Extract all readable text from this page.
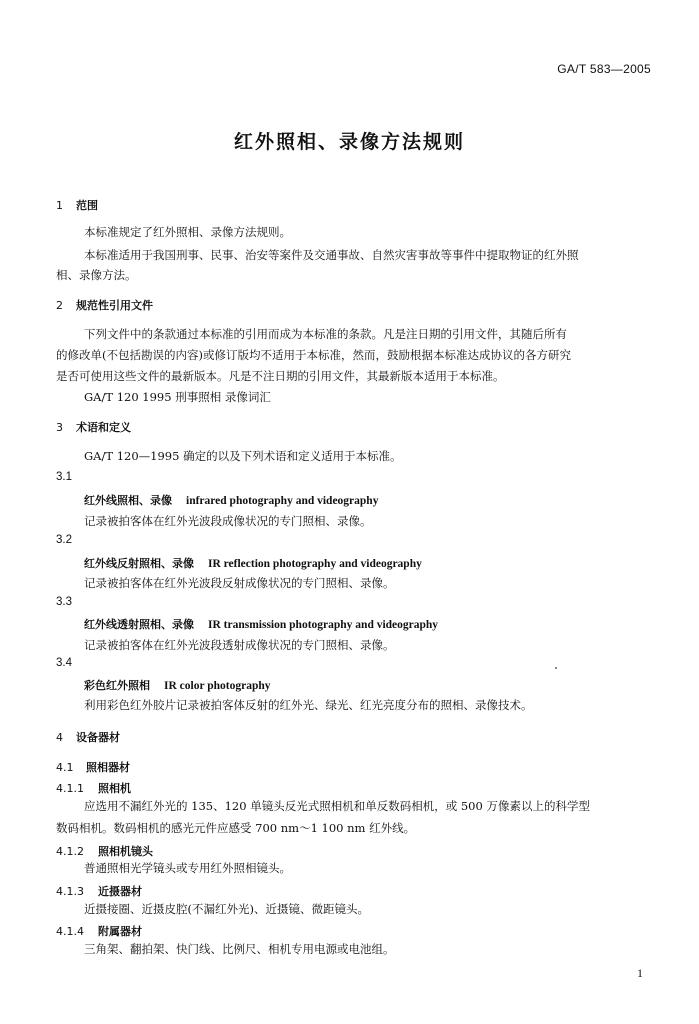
GA/T 583—2005
红外照相、录像方法规则
1 范围
本标准规定了红外照相、录像方法规则。
本标准适用于我国刑事、民事、治安等案件及交通事故、自然灾害事故等事件中提取物证的红外照
相、录像方法。
2 规范性引用文件
下列文件中的条款通过本标准的引用而成为本标准的条款。凡是注日期的引用文件，其随后所有
的修改单(不包括勘误的内容)或修订版均不适用于本标准，然而，鼓励根据本标准达成协议的各方研究
是否可使用这些文件的最新版本。凡是不注日期的引用文件，其最新版本适用于本标准。
GA/T 120 1995 刑事照相 录像词汇
3 术语和定义
GA/T 120—1995 确定的以及下列术语和定义适用于本标准。
3.1
红外线照相、录像 infrared photography and videography
记录被拍客体在红外光波段成像状况的专门照相、录像。
3.2
红外线反射照相、录像 IR reflection photography and videography
记录被拍客体在红外光波段反射成像状况的专门照相、录像。
3.3
红外线透射照相、录像 IR transmission photography and videography
记录被拍客体在红外光波段透射成像状况的专门照相、录像。
3.4
彩色红外照相 IR color photography
利用彩色红外胶片记录被拍客体反射的红外光、绿光、红光亮度分布的照相、录像技术。
4 设备器材
4.1 照相器材
4.1.1 照相机
应选用不漏红外光的 135、120 单镜头反光式照相机和单反数码相机，或 500 万像素以上的科学型
数码相机。数码相机的感光元件应感受 700 nm～1 100 nm 红外线。
4.1.2 照相机镜头
普通照相光学镜头或专用红外照相镜头。
4.1.3 近摄器材
近摄接圈、近摄皮腔(不漏红外光)、近摄镜、微距镜头。
4.1.4 附属器材
三角架、翻拍架、快门线、比例尺、相机专用电源或电池组。
1
